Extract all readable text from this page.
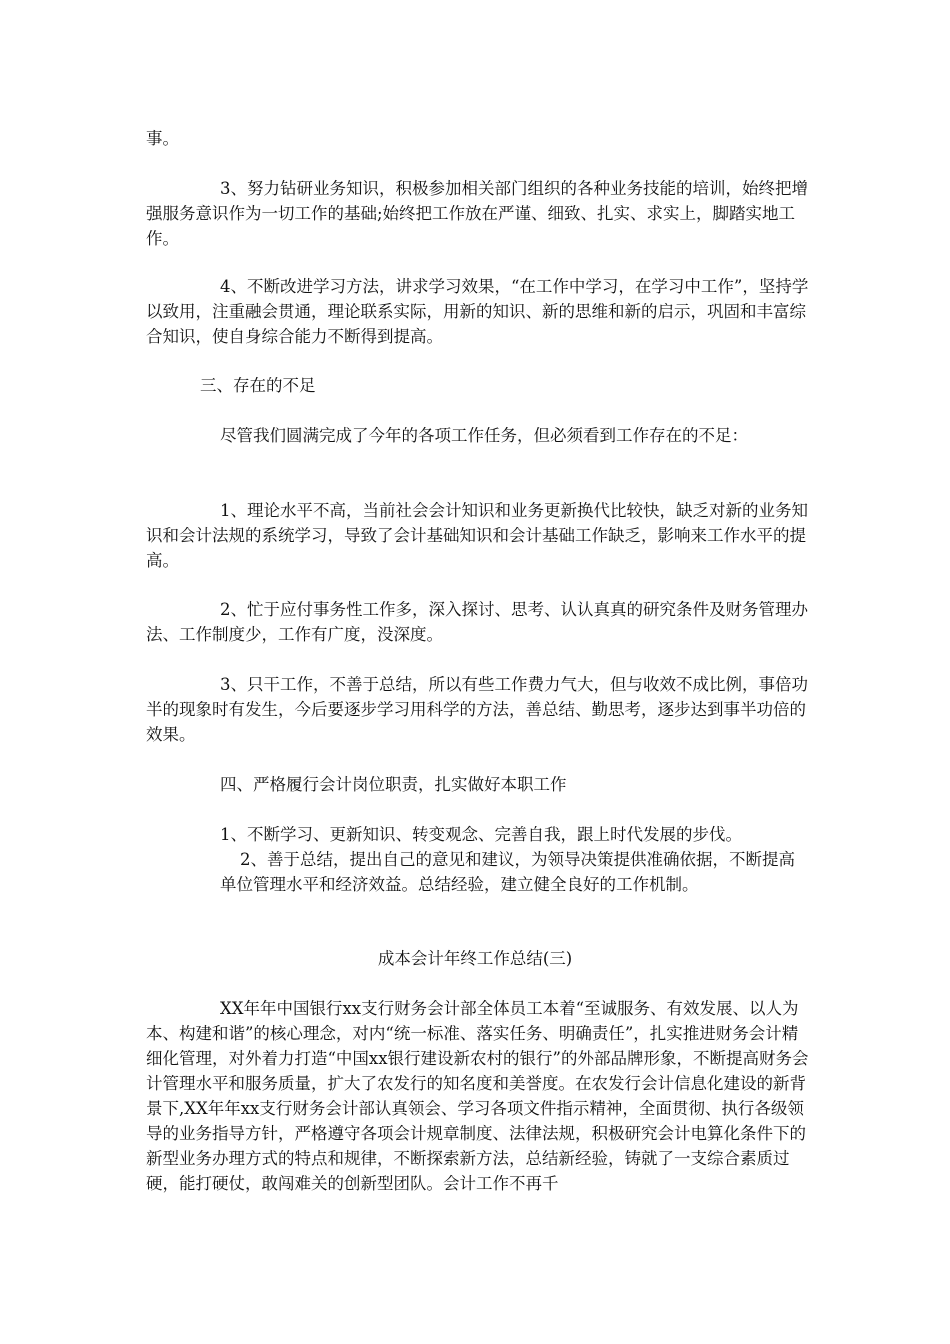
事。

3、努力钻研业务知识，积极参加相关部门组织的各种业务技能的培训，始终把增强服务意识作为一切工作的基础;始终把工作放在严谨、细致、扎实、求实上，脚踏实地工作。

4、不断改进学习方法，讲求学习效果，“在工作中学习，在学习中工作”，坚持学以致用，注重融会贯通，理论联系实际，用新的知识、新的思维和新的启示，巩固和丰富综合知识，使自身综合能力不断得到提高。

三、存在的不足

尽管我们圆满完成了今年的各项工作任务，但必须看到工作存在的不足：

1、理论水平不高，当前社会会计知识和业务更新换代比较快，缺乏对新的业务知识和会计法规的系统学习，导致了会计基础知识和会计基础工作缺乏，影响来工作水平的提高。

2、忙于应付事务性工作多，深入探讨、思考、认认真真的研究条件及财务管理办法、工作制度少，工作有广度，没深度。

3、只干工作，不善于总结，所以有些工作费力气大，但与收效不成比例，事倍功半的现象时有发生，今后要逐步学习用科学的方法，善总结、勤思考，逐步达到事半功倍的效果。

四、严格履行会计岗位职责，扎实做好本职工作

1、不断学习、更新知识、转变观念、完善自我，跟上时代发展的步伐。

2、善于总结，提出自己的意见和建议，为领导决策提供准确依据，不断提高单位管理水平和经济效益。总结经验，建立健全良好的工作机制。

成本会计年终工作总结(三)

XX年年中国银行xx支行财务会计部全体员工本着“至诚服务、有效发展、以人为本、构建和谐”的核心理念，对内“统一标准、落实任务、明确责任”，扎实推进财务会计精细化管理，对外着力打造“中国xx银行建设新农村的银行”的外部品牌形象，不断提高财务会计管理水平和服务质量，扩大了农发行的知名度和美誉度。在农发行会计信息化建设的新背景下,XX年年xx支行财务会计部认真领会、学习各项文件指示精神，全面贯彻、执行各级领导的业务指导方针，严格遵守各项会计规章制度、法律法规，积极研究会计电算化条件下的新型业务办理方式的特点和规律，不断探索新方法，总结新经验，铸就了一支综合素质过硬，能打硬仗，敢闯难关的创新型团队。会计工作不再千
